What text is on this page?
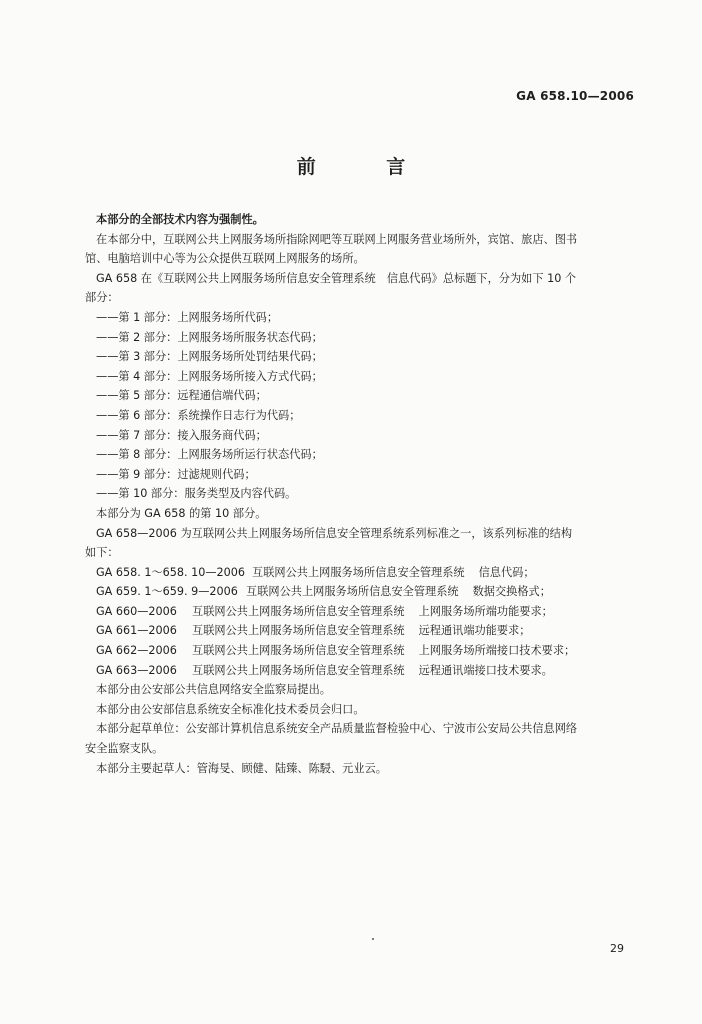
GA 658.10—2006
前 言
本部分的全部技术内容为强制性。
在本部分中，互联网公共上网服务场所指除网吧等互联网上网服务营业场所外，宾馆、旅店、图书
馆、电脑培训中心等为公众提供互联网上网服务的场所。
GA 658 在《互联网公共上网服务场所信息安全管理系统　信息代码》总标题下，分为如下 10 个
部分：
——第 1 部分：上网服务场所代码；
——第 2 部分：上网服务场所服务状态代码；
——第 3 部分：上网服务场所处罚结果代码；
——第 4 部分：上网服务场所接入方式代码；
——第 5 部分：远程通信端代码；
——第 6 部分：系统操作日志行为代码；
——第 7 部分：接入服务商代码；
——第 8 部分：上网服务场所运行状态代码；
——第 9 部分：过滤规则代码；
——第 10 部分：服务类型及内容代码。
本部分为 GA 658 的第 10 部分。
GA 658—2006 为互联网公共上网服务场所信息安全管理系统系列标准之一，该系列标准的结构
如下：
GA 658. 1～658. 10—2006 互联网公共上网服务场所信息安全管理系统 信息代码；
GA 659. 1～659. 9—2006 互联网公共上网服务场所信息安全管理系统 数据交换格式；
GA 660—2006 互联网公共上网服务场所信息安全管理系统 上网服务场所端功能要求；
GA 661—2006 互联网公共上网服务场所信息安全管理系统 远程通讯端功能要求；
GA 662—2006 互联网公共上网服务场所信息安全管理系统 上网服务场所端接口技术要求；
GA 663—2006 互联网公共上网服务场所信息安全管理系统 远程通讯端接口技术要求。
本部分由公安部公共信息网络安全监察局提出。
本部分由公安部信息系统安全标准化技术委员会归口。
本部分起草单位：公安部计算机信息系统安全产品质量监督检验中心、宁波市公安局公共信息网络
安全监察支队。
本部分主要起草人：管海旻、顾健、陆臻、陈駸、元业云。
29
